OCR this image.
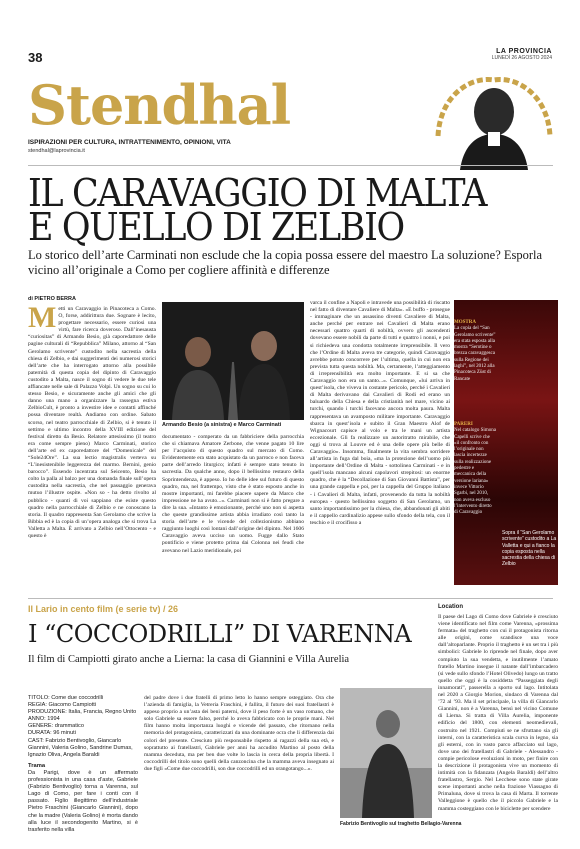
38	LA PROVINCIA
LUNEDÌ 26 AGOSTO 2024
Stendhal
ISPIRAZIONI PER CULTURA, INTRATTENIMENTO, OPINIONI, VITA
stendhal@laprovincia.it
IL CARAVAGGIO DI MALTA
E QUELLO DI ZELBIO
Lo storico dell’arte Carminati non esclude che la copia possa essere del maestro La soluzione? Esporla vicino all’originale a Como per cogliere affinità e differenze
di PIETRO BERRA
Metti un Caravaggio in Pinacoteca a Como. O, forse, addirittura due. Sognare è lecito, progettare necessario, essere curiosi una virtù, fare ricerca doveroso. Dall’inesausta “curiositas” di Armando Besio, già caporedattore delle pagine culturali di “Repubblica” Milano, attorno al “San Gerolamo scrivente” custodito nella sacrestia della chiesa di Zelbio, e dai suggerimenti dei numerosi storici dell’arte che ha interrogato attorno alla possibile paternità di questa copia del dipinto di Caravaggio custodito a Malta, nasce il sogno di vedere le due tele affiancate nelle sale di Palazzo Volpi. Un sogno su cui lo stesso Besio, e sicuramente anche gli amici che gli danno una mano a organizzare la rassegna estiva ZelbioCult, è pronto a investire idee e contatti affinché possa diventare realtà. Andiamo con ordine. Sabato scorso, nel teatro parrocchiale di Zelbio, si è tenuto il settimo e ultimo incontro della XVIII edizione del festival diretto da Besio. Relatore attesissimo (il teatro era come sempre pieno) Marco Carminati, storico dell’arte ed ex caporedattore del “Domenicale” del “Sole24Ore”. La sua lectio magistralis verteva su “L’inesistenibile leggerezza del marmo. Bernini, genio barocco”. Essendo incentrata sul Seicento, Besio ha colto la palla al balzo per una domanda finale sull’opera custodita nella sacrestia, che nel passaggio generava mutuo l’illustre ospite. «Non so - ha detto rivolto al pubblico - quanti di voi sappiano che esiste questo quadro nella parrocchiale di Zelbio e ne conoscano la storia. Il quadro rappresenta San Gerolamo che scrive la Bibbia ed è la copia di un’opera analoga che si trova La Valletta a Malta. È arrivato a Zelbio nell’Ottocento - e questo è
Armando Besio (a sinistra) e Marco Carminati
documentato - comperato da un fabbriciere della parrocchia che si chiamava Amatore Zerbone, che venne pagato 10 lire per l’acquisto di questo quadro sul mercato di Como. Evidentemente era stato acquistato da un parroco e non faceva parte dell’arredo liturgico; infatti è sempre stato tenuto in sacrestia. Da qualche anno, dopo il bellissimo restauro della Soprintendenza, è appeso. Io ho delle idee sul futuro di questo quadro, ma, nel frattempo, visto che è stato esposto anche in mostre importanti, mi farebbe piacere sapere da Marco che impressione ne ha avuto...». Carminati non si è fatto pregare a dire la sua. «Intanto è emozionante, perché uno non si aspetta che queste grandissime artista abbia irradiato così tanto la storia dell’arte e le vicende del collezionismo abbiano raggiunto luoghi così lontani dall’origine del dipinto. Nel 1606 Caravaggio aveva ucciso un uomo. Fugge dallo Stato pontificio e viene protetto prima dai Colonna nei feudi che avevano nel Lazio meridionale, poi
varca il confine a Napoli e intravede una possibilità di riscatto nel fatto di diventare Cavaliere di Malta». «E buffo - prosegue - immaginare che un assassino diventi Cavaliere di Malta, anche perché per entrare nei Cavalieri di Malta erano necessari quattro quarti di nobiltà, ovvero gli ascendenti dovevano essere nobili da parte di tutti e quattro i nonni, e poi si richiedeva una condotta totalmente irreprensibile. Il vero che l’Ordine di Malta aveva tre categorie, quindi Caravaggio avrebbe potuto concorrere per l’ultima, quella in cui non era prevista tutta questa nobiltà. Ma, certamente, l’atteggiamento di irreprensibilità era molto importante. E si sa che Caravaggio non era un santo...». Comunque, «lui arriva in quest’isola, che viveva in costante pericolo, perché i Cavalieri di Malta derivavano dai Cavalieri di Rodi ed erano un baluardo della Chiesa e della cristianità nel mare, vicino ai turchi, quando i turchi facevano ancora molta paura. Malta rappresentava un avamposto militare importante. Caravaggio sbarca in quest’isola e subito il Gran Maestro Alof de Wignacourt capisce al volo e tra le mani un artista eccezionale. Gli fa realizzare un autoritratto mirabile, che oggi si trova al Louvre ed è una delle opere più belle di Caravaggio». Insomma, finalmente la vita sembra sorridere all’artista in fuga dal boia, «ma la protezione dell’uomo più importante dell’Ordine di Malta - sottolinea Carminati - e in quell’isola mancano alcuni capolavori strepitosi: un enorme quadro, che è la “Decollazione di San Giovanni Battista”, per una grande cappella e poi, per la cappella del Gruppo italiano - i Cavalieri di Malta, infatti, provenendo da tutta la nobiltà europea - questo bellissimo soggetto di San Gerolamo, un santo importantissimo per la chiesa, che, abbandonati gli abiti e il cappello cardinalizio appese sullo sfondo della tela, con il teschio e il crocifisso a
MOSTRA
La copia del “San Gerolamo scrivente” era stata esposta alla mostra “Serotine o brezza caravaggesca sulla Regione dei laghi”, nel 2012 alla Pinacoteca Züst di Rancate
PARERI
Nel catalogo Simona Capelli scrive che «il confronto con l’originale non lascia incertezze sulla realizzazione pedestre e meccanica della versione lariana» invece Vittorio Sgarbi, nel 2010, non aveva escluso l’intervento diretto di Caravaggio
Sopra il “San Gerolamo scrivente” custodito a La Valletta e qui a fianco la copia esposta nella sacrestia della chiesa di Zelbio
Il Lario in cento film (e serie tv) / 26
I “COCCODRILLI” DI VARENNA
Il film di Campiotti girato anche a Lierna: la casa di Giannini e Villa Aurelia
TITOLO: Come due coccodrilli
REGIA: Giacomo Campiotti
PRODUZIONE: Italia, Francia, Regno Unito
ANNO: 1994
GENERE: drammatico
DURATA: 96 minuti
CAST: Fabrizio Bentivoglio, Giancarlo Giannini, Valeria Golino, Sandrine Dumas, Ignazio Oliva, Angela Baraldi
Trama
Da Parigi, dove è un affermato professionista in una casa d’aste, Gabriele (Fabrizio Bentivoglio) torna a Varenna, sul Lago di Como, per fare i conti con il passato. Figlio illegittimo dell’industriale Pietro Fraschini (Giancarlo Giannini), dopo che la madre (Valeria Golino) è morta dando alla luce il secondogenito Martino, si è trasferito nella villa
del padre dove i due fratelli di primo letto lo hanno sempre osteggiato. Ora che l’azienda di famiglia, la Vetreria Fraschini, è fallita, il futuro dei suoi fratellastri è appeso proprio a un’asta dei beni paterni, dove il peso forte è un vaso romano, che solo Gabriele sa essere falso, perché lo aveva fabbricato con le proprie mani. Nel film hanno molta importanza luoghi e vicende del passato, che ritornano nella memoria del protagonista, caratterizzati da una dominante ocra che li differenzia dai colori del presente. Cresciuto più responsabile rispetto ai ragazzi della sua età, e soprattutto ai fratellastri, Gabriele per anni ha accudito Martino al posto della mamma deceduta, ma per ben due volte lo lascia in cerca della propria libertà. I coccodrilli del titolo sono quelli della canzoncina che la mamma aveva insegnato ai due figli «Come due coccodrilli, son due coccodrilli ed un orangotango...».
Fabrizio Bentivoglio sul traghetto Bellagio-Varenna
Location
Il paese del Lago di Como dove Gabriele è cresciuto viene identificato nel film come Varenna, «prossima fermata» del traghetto con cui il protagonista ritorna alle origini, come scandisce una voce dall’altoparlante. Proprio il traghetto è un set tra i più simbolici: Gabriele lo riprende nel finale, dopo aver compiuto la sua vendetta, e inutilmente l’amato fratello Martino insegue il natante dall’imbarcadero (si vede sullo sfondo l’Hotel Olivedo) lungo un tratto quello che oggi è la cosiddetta “Passeggiata degli innamorati”, passerella a sporto sul lago. Intitolata nel 2020 a Giorgio Morion, sindaco di Varenna dal ’72 al ’93. Ma il set principale, la villa di Giancarlo Giannini, non è a Varenna, bensì nel vicino Comune di Lierna. Si tratta di Villa Aurelia, imponente edificio del 1800, con elementi neomedievali, costruito nel 1921. Compiuti se ne sfruttano sia gli interni, con la caratteristica scala curva in legno, sia gli esterni, con in vasto parco affacciato sul lago, dove uno dei fratellastri di Gabriele - Alessandro - compie pericolose evoluzioni in moto, per finire con la descrizione il protagonista vive un momento di intimità con la fidanzata (Angela Baraldi) dell’altro fratellastro, Sergio. Nel Lecchese sono state girate scene importanti anche nella frazione Viassagno di Primaluna, dove si trova la casa di Marta. Il torrente Valleggione è quello che il piccolo Gabriele e la mamma costeggiano con le biciclette per scendere
